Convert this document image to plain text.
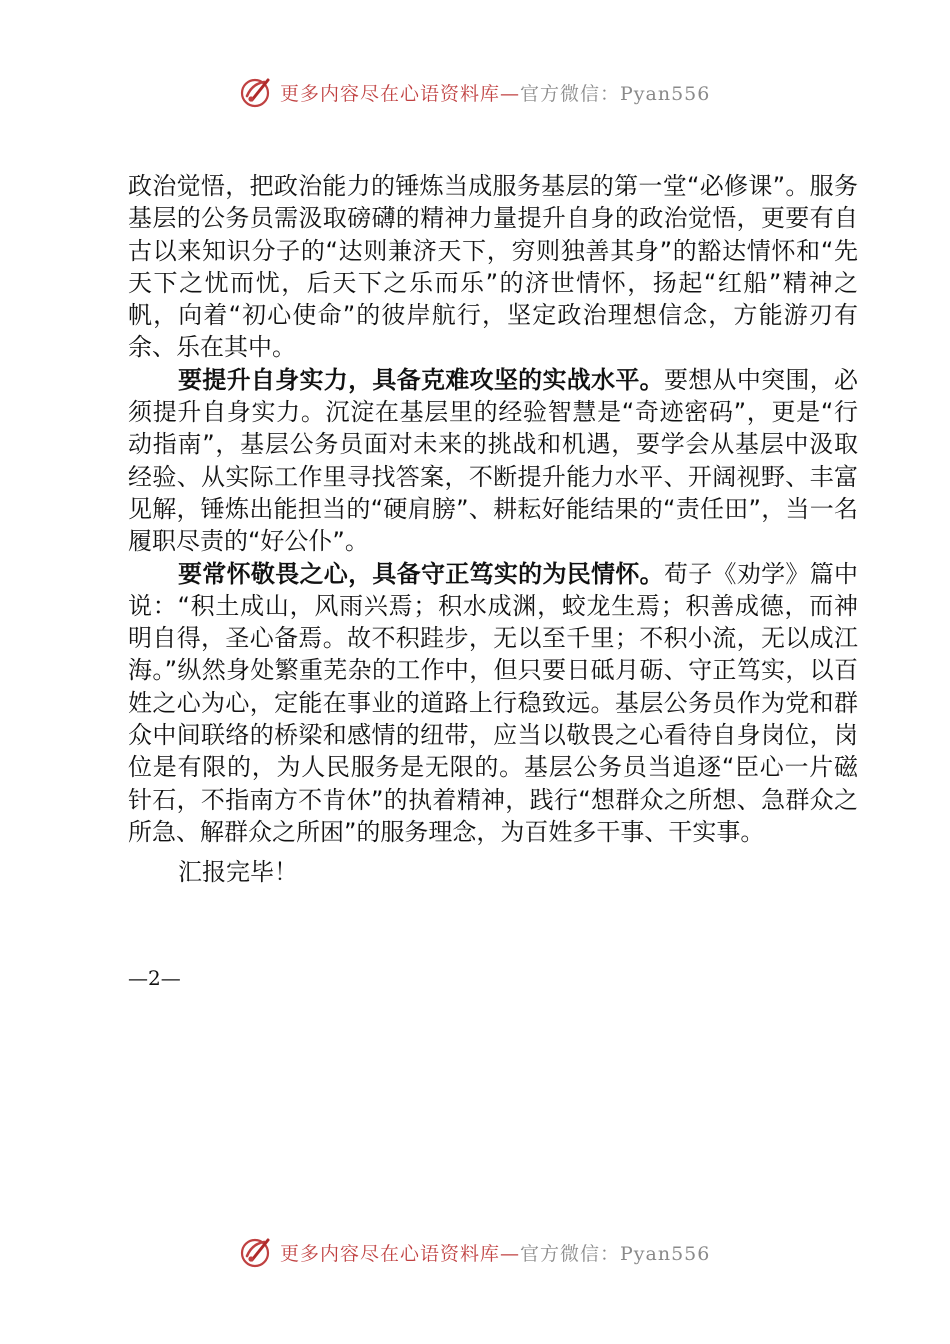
更多内容尽在心语资料库—官方微信：Pyan556

政治觉悟，把政治能力的锤炼当成服务基层的第一堂“必修课”。服务基层的公务员需汲取磅礴的精神力量提升自身的政治觉悟，更要有自古以来知识分子的“达则兼济天下，穷则独善其身”的豁达情怀和“先天下之忧而忧，后天下之乐而乐”的济世情怀，扬起“红船”精神之帆，向着“初心使命”的彼岸航行，坚定政治理想信念，方能游刃有余、乐在其中。

要提升自身实力，具备克难攻坚的实战水平。要想从中突围，必须提升自身实力。沉淀在基层里的经验智慧是“奇迹密码”，更是“行动指南”，基层公务员面对未来的挑战和机遇，要学会从基层中汲取经验、从实际工作里寻找答案，不断提升能力水平、开阔视野、丰富见解，锤炼出能担当的“硬肩膀”、耕耘好能结果的“责任田”，当一名履职尽责的“好公仆”。

要常怀敬畏之心，具备守正笃实的为民情怀。荀子《劝学》篇中说：“积土成山，风雨兴焉；积水成渊，蛟龙生焉；积善成德，而神明自得，圣心备焉。故不积跬步，无以至千里；不积小流，无以成江海。”纵然身处繁重芜杂的工作中，但只要日砥月砺、守正笃实，以百姓之心为心，定能在事业的道路上行稳致远。基层公务员作为党和群众中间联络的桥梁和感情的纽带，应当以敬畏之心看待自身岗位，岗位是有限的，为人民服务是无限的。基层公务员当追逐“臣心一片磁针石，不指南方不肯休”的执着精神，践行“想群众之所想、急群众之所急、解群众之所困”的服务理念，为百姓多干事、干实事。

汇报完毕！

—2—
更多内容尽在心语资料库—官方微信：Pyan556
